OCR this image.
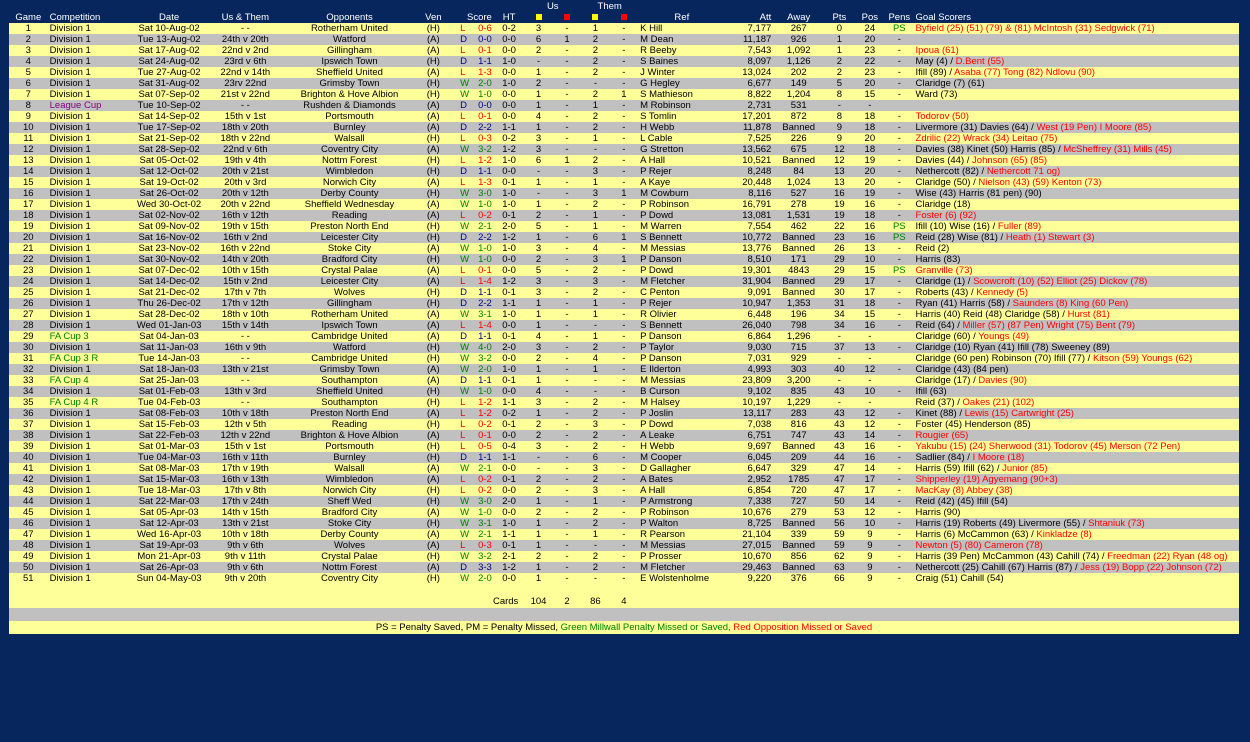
								Us		Them								
Game	Competition	Date	Us & Them	Opponents	Ven	Score	HT					Ref	Att	Away	Pts	Pos	Pens	Goal Scorers
1	Division 1	Sat 10-Aug-02	- -	Rotherham United	(H)	L 0-6	0-2	3	-	1	-	K Hill	7,177	267	0	24	PS	Byfield (25) (51) (79) & (81) McIntosh (31) Sedgwick (71)
2	Division 1	Tue 13-Aug-02	24th v 20th	Watford	(A)	D 0-0	0-0	6	1	2	-	M Dean	11,187	926	1	20	-	
3	Division 1	Sat 17-Aug-02	22nd v 2nd	Gillingham	(A)	L 0-1	0-0	2	-	2	-	R Beeby	7,543	1,092	1	23	-	Ipoua (61)
4	Division 1	Sat 24-Aug-02	23rd v 6th	Ipswich Town	(H)	D 1-1	1-0	-	-	2	-	S Baines	8,097	1,126	2	22	-	May (4) / D.Bent (55)
5	Division 1	Tue 27-Aug-02	22nd v 14th	Sheffield United	(A)	L 1-3	0-0	1	-	2	-	J Winter	13,024	202	2	23	-	Ifill (89) / Asaba (77) Tong (82) Ndlovu (90)
6	Division 1	Sat 31-Aug-02	23rv 22nd	Grimsby Town	(H)	W 2-0	1-0	2	-	-	-	G Hegley	6,677	149	5	20	-	Claridge (7) (61)
7	Division 1	Sat 07-Sep-02	21st v 22nd	Brighton & Hove Albion	(H)	W 1-0	0-0	1	-	2	1	S Mathieson	8,822	1,204	8	15	-	Ward (73)
8	League Cup	Tue 10-Sep-02	- -	Rushden & Diamonds	(A)	D 0-0	0-0	1	-	1	-	M Robinson	2,731	531	-	-		
9	Division 1	Sat 14-Sep-02	15th v 1st	Portsmouth	(A)	L 0-1	0-0	4	-	2	-	S Tomlin	17,201	872	8	18	-	Todorov (50)
10	Division 1	Tue 17-Sep-02	18th v 20th	Burnley	(A)	D 2-2	1-1	1	-	2	-	H Webb	11,878	Banned	9	18	-	Livermore (31) Davies (64) / West (19 Pen) I Moore (85)
11	Division 1	Sat 21-Sep-02	18th v 22nd	Walsall	(H)	L 0-3	0-2	3	-	1	-	L Cable	7,525	226	9	20	-	Zdrilic (22) Wrack (34) Leitao (75)
12	Division 1	Sat 28-Sep-02	22nd v 6th	Coventry City	(A)	W 3-2	1-2	3	-	-	-	G Stretton	13,562	675	12	18	-	Davies (38) Kinet (50) Harris (85) / McSheffrey (31) Mills (45)
13	Division 1	Sat 05-Oct-02	19th v 4th	Nottm Forest	(H)	L 1-2	1-0	6	1	2	-	A Hall	10,521	Banned	12	19	-	Davies (44) / Johnson (65) (85)
14	Division 1	Sat 12-Oct-02	20th v 21st	Wimbledon	(H)	D 1-1	0-0	-	-	3	-	P Rejer	8,248	84	13	20	-	Nethercott (82) / Nethercott 71 og)
15	Division 1	Sat 19-Oct-02	20th v 3rd	Norwich City	(A)	L 1-3	0-1	1	-	1	-	A Kaye	20,448	1,024	13	20	-	Claridge (50) / Nielson (43) (59) Kenton (73)
16	Division 1	Sat 26-Oct-02	20th v 12th	Derby County	(H)	W 3-0	1-0	-	-	3	1	M Cowburn	8,116	527	16	19	-	Wise (43) Harris (81 pen) (90)
17	Division 1	Wed 30-Oct-02	20th v 22nd	Sheffield Wednesday	(A)	W 1-0	1-0	1	-	2	-	P Robinson	16,791	278	19	16	-	Claridge (18)
18	Division 1	Sat 02-Nov-02	16th v 12th	Reading	(A)	L 0-2	0-1	2	-	1	-	P Dowd	13,081	1,531	19	18	-	Foster (6) (92)
19	Division 1	Sat 09-Nov-02	19th v 15th	Preston North End	(H)	W 2-1	2-0	5	-	1	-	M Warren	7,554	462	22	16	PS	Ifill (10) Wise (16) / Fuller (89)
20	Division 1	Sat 16-Nov-02	16th v 2nd	Leicester City	(H)	D 2-2	1-2	1	-	6	1	S Bennett	10,772	Banned	23	16	PS	Reid (28) Wise (81) / Heath (1) Stewart (3)
21	Division 1	Sat 23-Nov-02	16th v 22nd	Stoke City	(A)	W 1-0	1-0	3	-	4	-	M Messias	13,776	Banned	26	13	-	Reid (2)
22	Division 1	Sat 30-Nov-02	14th v 20th	Bradford City	(H)	W 1-0	0-0	2	-	3	1	P Danson	8,510	171	29	10	-	Harris (83)
23	Division 1	Sat 07-Dec-02	10th v 15th	Crystal Palae	(A)	L 0-1	0-0	5	-	2	-	P Dowd	19,301	4843	29	15	PS	Granville (73)
24	Division 1	Sat 14-Dec-02	15th v 2nd	Leicester City	(A)	L 1-4	1-2	3	-	3	-	M Fletcher	31,904	Banned	29	17	-	Claridge (1) / Scowcroft (10) (52) Elliot (25) Dickov (78)
25	Division 1	Sat 21-Dec-02	17th v 7th	Wolves	(H)	D 1-1	0-1	3	-	2	-	C Penton	9,091	Banned	30	17	-	Roberts (43) / Kennedy (5)
26	Division 1	Thu 26-Dec-02	17th v 12th	Gillingham	(H)	D 2-2	1-1	1	-	1	-	P Rejer	10,947	1,353	31	18	-	Ryan (41) Harris (58) / Saunders (8) King (60 Pen)
27	Division 1	Sat 28-Dec-02	18th v 10th	Rotherham United	(A)	W 3-1	1-0	1	-	1	-	R Olivier	6,448	196	34	15	-	Harris (40) Reid (48) Claridge (58) / Hurst (81)
28	Division 1	Wed 01-Jan-03	15th v 14th	Ipswich Town	(A)	L 1-4	0-0	1	-	-	-	S Bennett	26,040	798	34	16	-	Reid (64) / Miller (57) (87 Pen) Wright (75) Bent (79)
29	FA Cup 3	Sat 04-Jan-03	- -	Cambridge United	(A)	D 1-1	0-1	4	-	1	-	P Danson	6,864	1,296	-	-		Claridge (60) / Youngs (49)
30	Division 1	Sat 11-Jan-03	16th v 9th	Watford	(H)	W 4-0	2-0	3	-	2	-	P Taylor	9,030	715	37	13	-	Claridge (10) Ryan (41) Ifill (78) Sweeney (89)
31	FA Cup 3 R	Tue 14-Jan-03	- -	Cambridge United	(H)	W 3-2	0-0	2	-	4	-	P Danson	7,031	929	-	-		Claridge (60 pen) Robinson (70) Ifill (77) / Kitson (59) Youngs (62)
32	Division 1	Sat 18-Jan-03	13th v 21st	Grimsby Town	(A)	W 2-0	1-0	1	-	1	-	E Ilderton	4,993	303	40	12	-	Claridge (43) (84 pen)
33	FA Cup 4	Sat 25-Jan-03	- -	Southampton	(A)	D 1-1	0-1	1	-	-	-	M Messias	23,809	3,200	-	-		Claridge (17) / Davies (90)
34	Division 1	Sat 01-Feb-03	13th v 3rd	Sheffield United	(H)	W 1-0	0-0	4	-	-	-	B Curson	9,102	835	43	10	-	Ifill (63)
35	FA Cup 4 R	Tue 04-Feb-03	- -	Southampton	(H)	L 1-2	1-1	3	-	2	-	M Halsey	10,197	1,229	-	-		Reid (37) / Oakes (21) (102)
36	Division 1	Sat 08-Feb-03	10th v 18th	Preston North End	(A)	L 1-2	0-2	1	-	2	-	P Joslin	13,117	283	43	12	-	Kinet (88) / Lewis (15) Cartwright (25)
37	Division 1	Sat 15-Feb-03	12th v 5th	Reading	(H)	L 0-2	0-1	2	-	3	-	P Dowd	7,038	816	43	12	-	Foster (45) Henderson (85)
38	Division 1	Sat 22-Feb-03	12th v 22nd	Brighton & Hove Albion	(A)	L 0-1	0-0	2	-	2	-	A Leake	6,751	747	43	14	-	Rougier (65)
39	Division 1	Sat 01-Mar-03	15th v 1st	Portsmouth	(H)	L 0-5	0-4	3	-	2	-	H Webb	9,697	Banned	43	16	-	Yakubu (15) (24) Sherwood (31) Todorov (45) Merson (72 Pen)
40	Division 1	Tue 04-Mar-03	16th v 11th	Burnley	(H)	D 1-1	1-1	-	-	6	-	M Cooper	6,045	209	44	16	-	Sadlier (84) / I Moore (18)
41	Division 1	Sat 08-Mar-03	17th v 19th	Walsall	(A)	W 2-1	0-0	-	-	3	-	D Gallagher	6,647	329	47	14	-	Harris (59) Ifill (62) / Junior (85)
42	Division 1	Sat 15-Mar-03	16th v 13th	Wimbledon	(A)	L 0-2	0-1	2	-	2	-	A Bates	2,952	1785	47	17	-	Shipperley (19) Agyemang (90+3)
43	Division 1	Tue 18-Mar-03	17th v 8th	Norwich City	(H)	L 0-2	0-0	2	-	3	-	A Hall	6,854	720	47	17	-	MacKay (8) Abbey (38)
44	Division 1	Sat 22-Mar-03	17th v 24th	Sheff Wed	(H)	W 3-0	2-0	1	-	1	-	P Armstrong	7,338	727	50	14	-	Reid (42) (45) Ifill (54)
45	Division 1	Sat 05-Apr-03	14th v 15th	Bradford City	(A)	W 1-0	0-0	2	-	2	-	P Robinson	10,676	279	53	12	-	Harris (90)
46	Division 1	Sat 12-Apr-03	13th v 21st	Stoke City	(H)	W 3-1	1-0	1	-	2	-	P Walton	8,725	Banned	56	10	-	Harris (19) Roberts (49) Livermore (55) / Shtaniuk (73)
47	Division 1	Wed 16-Apr-03	10th v 18th	Derby County	(A)	W 2-1	1-1	1	-	1	-	R Pearson	21,104	339	59	9	-	Harris (6) McCammon (63) / Kinkladze (8)
48	Division 1	Sat 19-Apr-03	9th v 6th	Wolves	(A)	L 0-3	0-1	1	-	-	-	M Messias	27,015	Banned	59	9	-	Newton (5) (80) Cameron (78)
49	Division 1	Mon 21-Apr-03	9th v 11th	Crystal Palae	(H)	W 3-2	2-1	2	-	2	-	P Prosser	10,670	856	62	9	-	Harris (39 Pen) McCammon (43) Cahill (74) / Freedman (22) Ryan (48 og)
50	Division 1	Sat 26-Apr-03	9th v 6th	Nottm Forest	(A)	D 3-3	1-2	1	-	2	-	M Fletcher	29,463	Banned	63	9	-	Nethercott (25) Cahill (67) Harris (87) / Jess (19) Bopp (22) Johnson (72)
51	Division 1	Sun 04-May-03	9th v 20th	Coventry City	(H)	W 2-0	0-0	1	-	-	-	E Wolstenholme	9,220	376	66	9	-	Craig (51) Cahill (54)

Cards								104	2	86	4							

PS = Penalty Saved, PM = Penalty Missed, Green Millwall Penalty Missed or Saved, Red Opposition Missed or Saved																		
